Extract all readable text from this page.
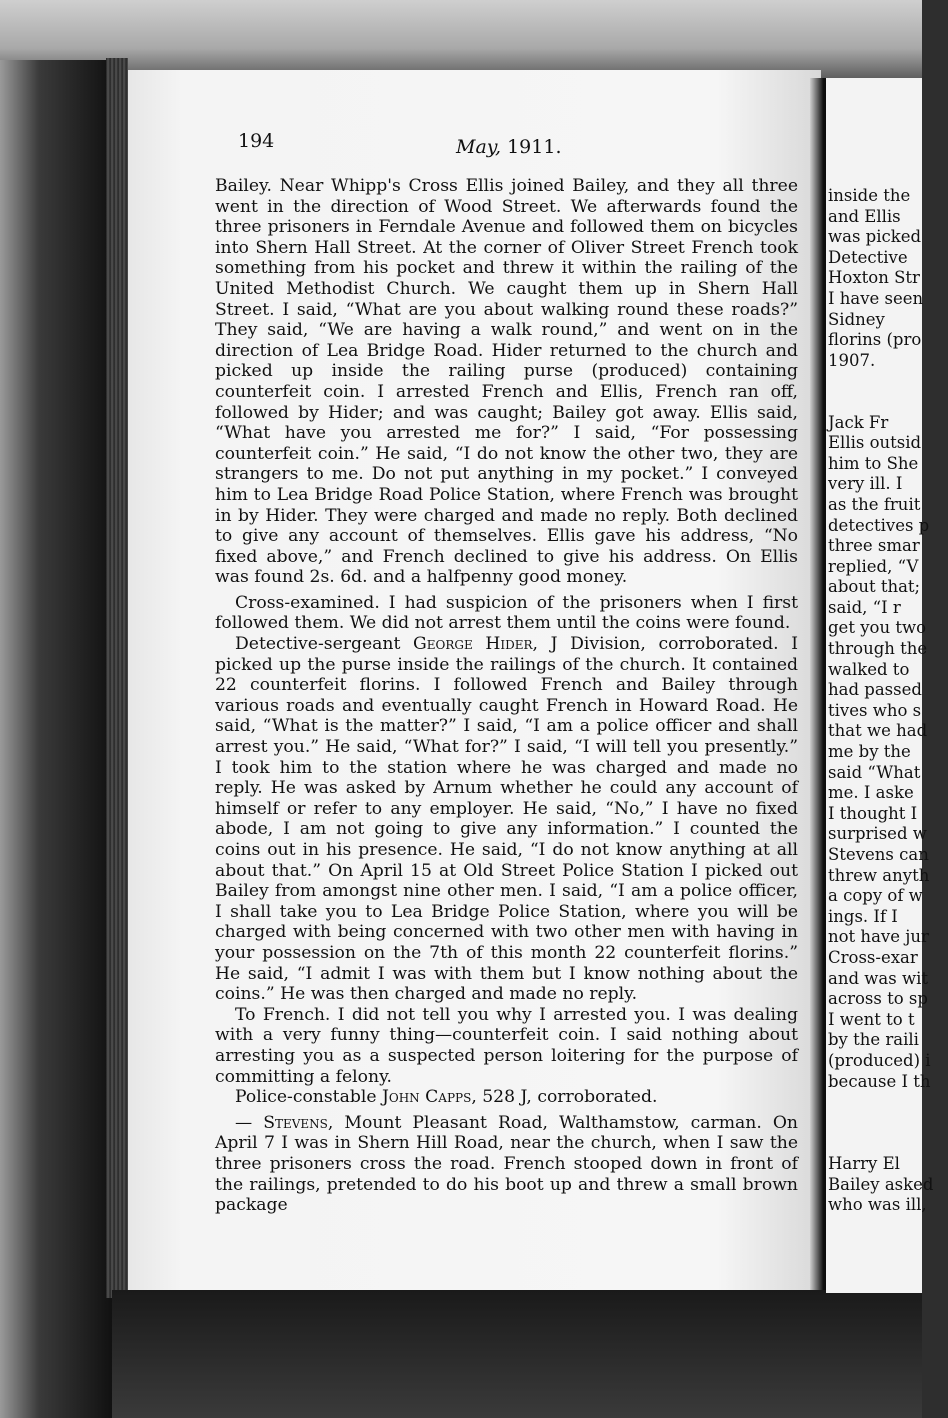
194	May, 1911.

Bailey. Near Whipp's Cross Ellis joined Bailey, and they all three went in the direction of Wood Street. We afterwards found the three prisoners in Ferndale Avenue and followed them on bicycles into Shern Hall Street. At the corner of Oliver Street French took something from his pocket and threw it within the railing of the United Methodist Church. We caught them up in Shern Hall Street. I said, “What are you about walking round these roads?” They said, “We are having a walk round,” and went on in the direction of Lea Bridge Road. Hider returned to the church and picked up inside the railing purse (produced) containing counterfeit coin. I arrested French and Ellis, French ran off, followed by Hider; and was caught; Bailey got away. Ellis said, “What have you arrested me for?” I said, “For possessing counterfeit coin.” He said, “I do not know the other two, they are strangers to me. Do not put anything in my pocket.” I conveyed him to Lea Bridge Road Police Station, where French was brought in by Hider. They were charged and made no reply. Both declined to give any account of themselves. Ellis gave his address, “No fixed above,” and French declined to give his address. On Ellis was found 2s. 6d. and a halfpenny good money.

Cross-examined. I had suspicion of the prisoners when I first followed them. We did not arrest them until the coins were found.

Detective-sergeant George Hider, J Division, corroborated. I picked up the purse inside the railings of the church. It contained 22 counterfeit florins. I followed French and Bailey through various roads and eventually caught French in Howard Road. He said, “What is the matter?” I said, “I am a police officer and shall arrest you.” He said, “What for?” I said, “I will tell you presently.” I took him to the station where he was charged and made no reply. He was asked by Arnum whether he could any account of himself or refer to any employer. He said, “No,” I have no fixed abode, I am not going to give any information.” I counted the coins out in his presence. He said, “I do not know anything at all about that.” On April 15 at Old Street Police Station I picked out Bailey from amongst nine other men. I said, “I am a police officer, I shall take you to Lea Bridge Police Station, where you will be charged with being concerned with two other men with having in your possession on the 7th of this month 22 counterfeit florins.” He said, “I admit I was with them but I know nothing about the coins.” He was then charged and made no reply.

To French. I did not tell you why I arrested you. I was dealing with a very funny thing—counterfeit coin. I said nothing about arresting you as a suspected person loitering for the purpose of committing a felony.

Police-constable John Capps, 528 J, corroborated.

— Stevens, Mount Pleasant Road, Walthamstow, carman. On April 7 I was in Shern Hill Road, near the church, when I saw the three prisoners cross the road. French stooped down in front of the railings, pretended to do his boot up and threw a small brown package

inside the
and Ellis
was picked
Detective
Hoxton Str
I have seen
Sidney
florins (pro
1907.
Jack Fr
Ellis outsid
him to She
very ill. I
as the fruit
detectives p
three smar
replied, “V
about that;
said, “I r
get you two
through the
walked to
had passed
tives who s
that we had
me by the
said “What
me. I aske
I thought I
surprised w
Stevens can
threw anyth
a copy of w
ings. If I
not have jur
Cross-exar
and was wit
across to sp
I went to t
by the raili
(produced) i
because I th
Harry El
Bailey asked
who was ill,
